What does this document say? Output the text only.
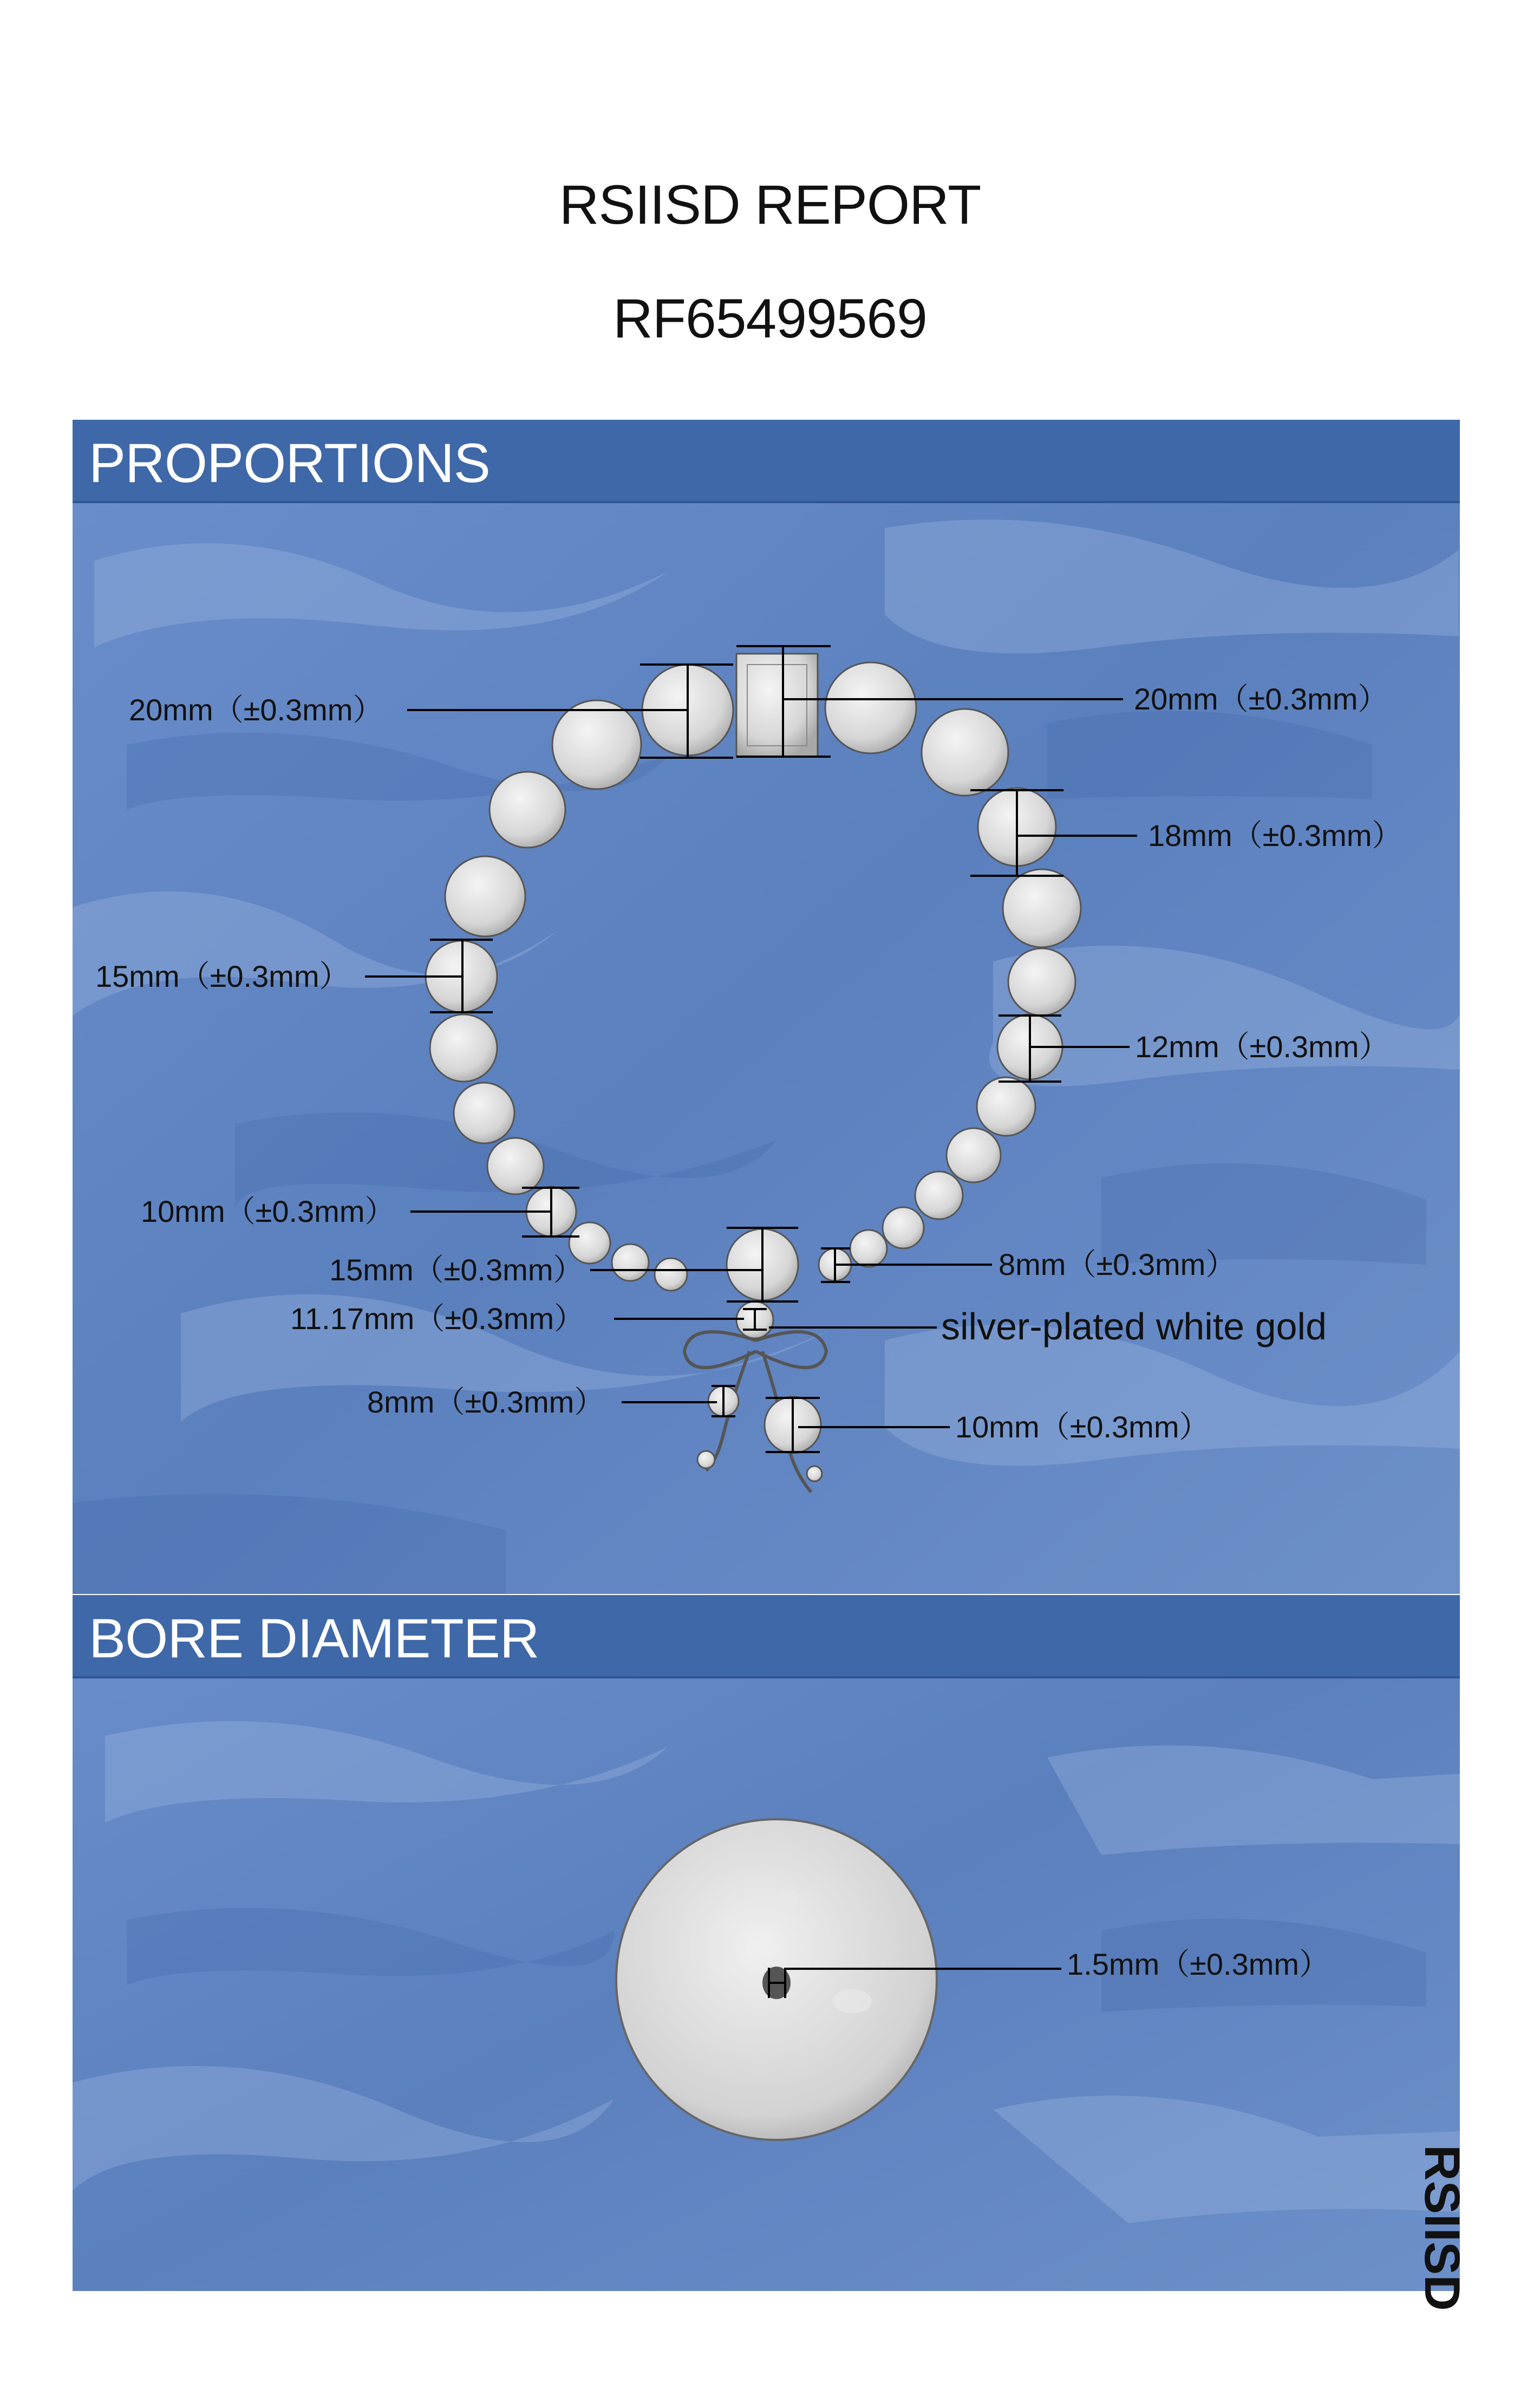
RSIISD REPORT
RF65499569
PROPORTIONS
20mm（±0.3mm）	20mm（±0.3mm）
18mm（±0.3mm）
15mm（±0.3mm）
12mm（±0.3mm）
10mm（±0.3mm）
8mm（±0.3mm）
15mm（±0.3mm）
11.17mm（±0.3mm）	silver-plated white gold
8mm（±0.3mm）
10mm（±0.3mm）
BORE DIAMETER
1.5mm（±0.3mm）
RSIISD
